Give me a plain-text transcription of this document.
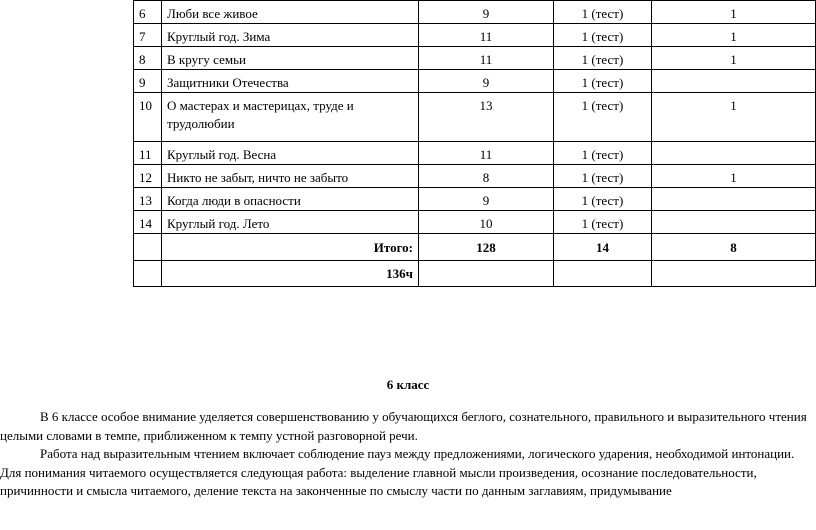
6	Люби все живое	9	1 (тест)	1
7	Круглый год. Зима	11	1 (тест)	1
8	В кругу семьи	11	1 (тест)	1
9	Защитники Отечества	9	1 (тест)	
10	О мастерах и мастерицах, труде и трудолюбии	13	1 (тест)	1
11	Круглый год. Весна	11	1 (тест)	
12	Никто не забыт, ничто не забыто	8	1 (тест)	1
13	Когда люди в опасности	9	1 (тест)	
14	Круглый год. Лето	10	1 (тест)	
	Итого:	128	14	8
	136ч			
6 класс

В 6 классе особое внимание уделяется совершенствованию у обучающихся беглого, сознательного, правильного и выразительного чтения целыми словами в темпе, приближенном к темпу устной разговорной речи.

Работа над выразительным чтением включает соблюдение пауз между предложениями, логического ударения, необходимой интонации. Для понимания читаемого осуществляется следующая работа: выделение главной мысли произведения, осознание последовательности, причинности и смысла читаемого, деление текста на законченные по смыслу части по данным заглавиям, придумывание
